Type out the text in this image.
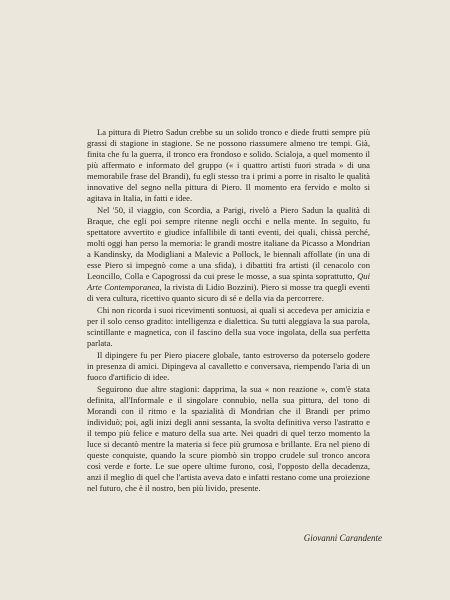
La pittura di Pietro Sadun crebbe su un solido tronco e diede frutti sempre più grassi di stagione in stagione. Se ne possono riassumere almeno tre tempi. Già, finita che fu la guerra, il tronco era frondoso e solido. Scialoja, a quel momento il più affermato e informato del gruppo (« i quattro artisti fuori strada » di una memorabile frase del Brandi), fu egli stesso tra i primi a porre in risalto le qualità innovative del segno nella pittura di Piero. Il momento era fervido e molto si agitava in Italia, in fatti e idee.

Nel '50, il viaggio, con Scordia, a Parigi, rivelò a Piero Sadun la qualità di Braque, che egli poi sempre ritenne negli occhi e nella mente. In seguito, fu spettatore avvertito e giudice infallibile di tanti eventi, dei quali, chissà perché, molti oggi han perso la memoria: le grandi mostre italiane da Picasso a Mondrian a Kandinsky, da Modigliani a Malevic a Pollock, le biennali affollate (in una di esse Piero si impegnò come a una sfida), i dibattiti fra artisti (il cenacolo con Leoncillo, Colla e Capogrossi da cui prese le mosse, a sua spinta soprattutto, Qui Arte Contemporanea, la rivista di Lidio Bozzini). Piero si mosse tra quegli eventi di vera cultura, ricettivo quanto sicuro di sé e della via da percorrere.

Chi non ricorda i suoi ricevimenti sontuosi, ai quali si accedeva per amicizia e per il solo censo gradito: intelligenza e dialettica. Su tutti aleggiava la sua parola, scintillante e magnetica, con il fascino della sua voce ingolata, della sua perfetta parlata.

Il dipingere fu per Piero piacere globale, tanto estroverso da poterselo godere in presenza di amici. Dipingeva al cavalletto e conversava, riempendo l'aria di un fuoco d'artificio di idee.

Seguirono due altre stagioni: dapprima, la sua « non reazione », com'è stata definita, all'Informale e il singolare connubio, nella sua pittura, del tono di Morandi con il ritmo e la spazialità di Mondrian che il Brandi per primo individuò; poi, agli inizi degli anni sessanta, la svolta definitiva verso l'astratto e il tempo più felice e maturo della sua arte. Nei quadri di quel terzo momento la luce si decantò mentre la materia si fece più grumosa e brillante. Era nel pieno di queste conquiste, quando la scure piombò sin troppo crudele sul tronco ancora così verde e forte. Le sue opere ultime furono, così, l'opposto della decadenza, anzi il meglio di quel che l'artista aveva dato e infatti restano come una proiezione nel futuro, che è il nostro, ben più livido, presente.

Giovanni Carandente
